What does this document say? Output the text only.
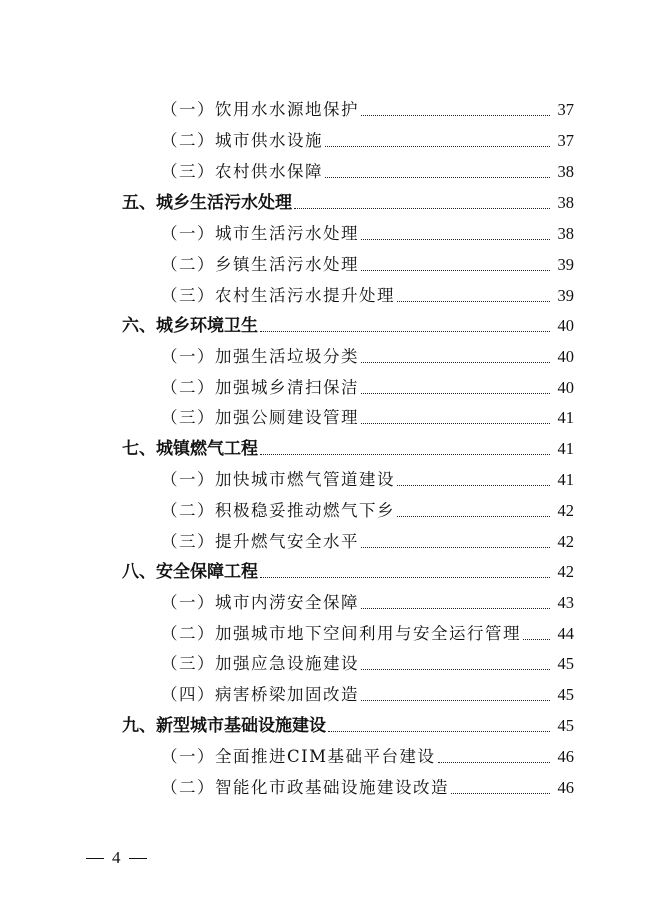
（一）饮用水水源地保护	37
（二）城市供水设施	37
（三）农村供水保障	38
五、城乡生活污水处理	38
（一）城市生活污水处理	38
（二）乡镇生活污水处理	39
（三）农村生活污水提升处理	39
六、城乡环境卫生	40
（一）加强生活垃圾分类	40
（二）加强城乡清扫保洁	40
（三）加强公厕建设管理	41
七、城镇燃气工程	41
（一）加快城市燃气管道建设	41
（二）积极稳妥推动燃气下乡	42
（三）提升燃气安全水平	42
八、安全保障工程	42
（一）城市内涝安全保障	43
（二）加强城市地下空间利用与安全运行管理	44
（三）加强应急设施建设	45
（四）病害桥梁加固改造	45
九、新型城市基础设施建设	45
（一）全面推进CIM基础平台建设	46
（二）智能化市政基础设施建设改造	46
4
